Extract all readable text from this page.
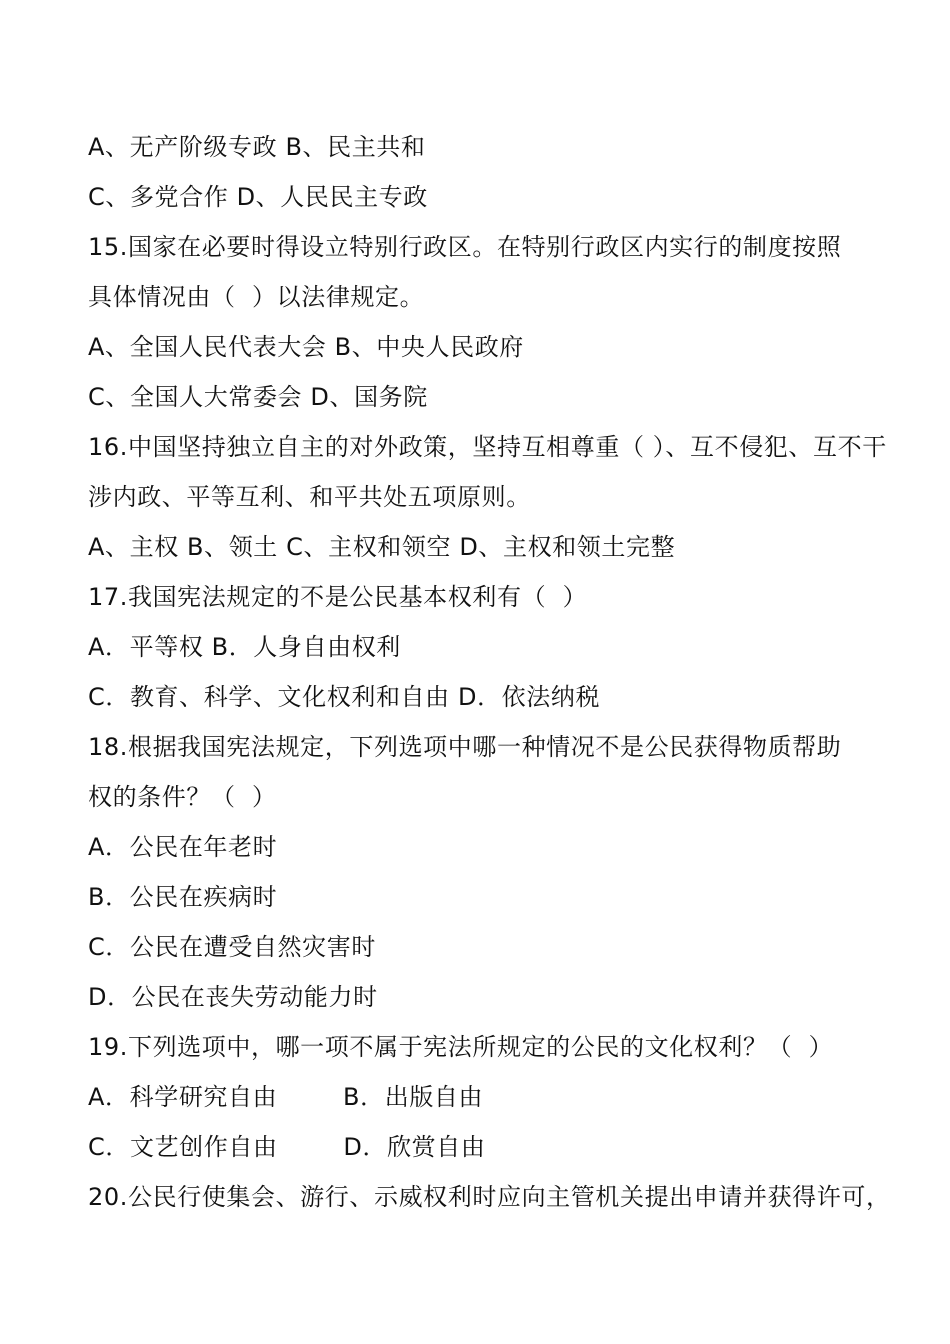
A、无产阶级专政 B、民主共和
C、多党合作 D、人民民主专政
15.国家在必要时得设立特别行政区。在特别行政区内实行的制度按照
具体情况由（  ）以法律规定。
A、全国人民代表大会 B、中央人民政府
C、全国人大常委会 D、国务院
16.中国坚持独立自主的对外政策，坚持互相尊重（ ）、互不侵犯、互不干
涉内政、平等互利、和平共处五项原则。
A、主权 B、领土 C、主权和领空 D、主权和领土完整
17.我国宪法规定的不是公民基本权利有（  ）
A．平等权 B．人身自由权利
C．教育、科学、文化权利和自由 D．依法纳税
18.根据我国宪法规定，下列选项中哪一种情况不是公民获得物质帮助
权的条件？（  ）
A．公民在年老时
B．公民在疾病时
C．公民在遭受自然灾害时
D．公民在丧失劳动能力时
19.下列选项中，哪一项不属于宪法所规定的公民的文化权利？（  ）
A．科学研究自由        B．出版自由
C．文艺创作自由        D．欣赏自由
20.公民行使集会、游行、示威权利时应向主管机关提出申请并获得许可，
